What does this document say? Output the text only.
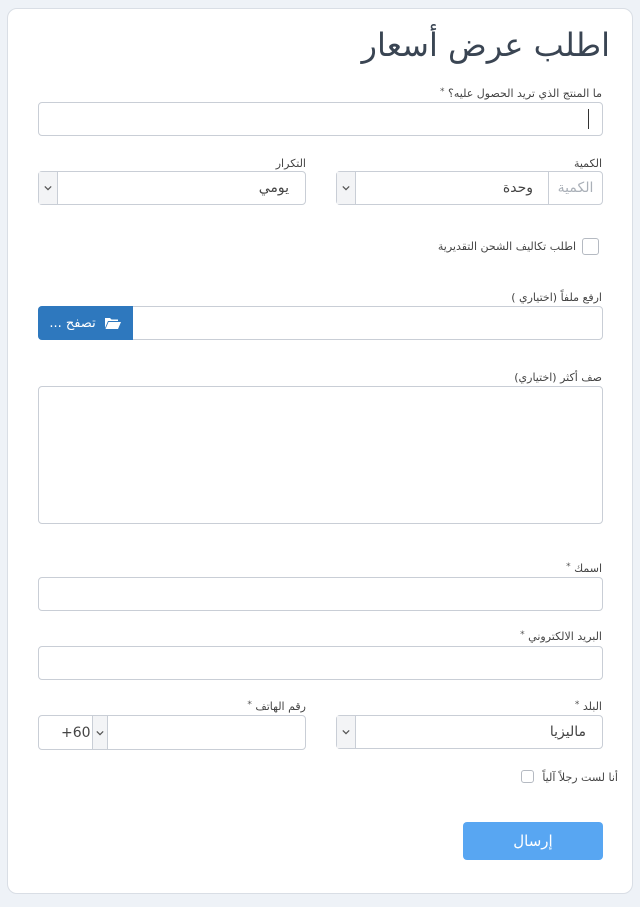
اطلب عرض أسعار
ما المنتج الذي تريد الحصول عليه؟ *
الكمية
الكمية
وحدة
التكرار
يومي
اطلب تكاليف الشحن التقديرية
ارفع ملفاً (اختياري )
تصفح ...
صف أكثر (اختياري)
اسمك *
البريد الالكتروني *
البلد *
ماليزيا
رقم الهاتف *
+60
أنا لست رجلاً آلياً
إرسال
